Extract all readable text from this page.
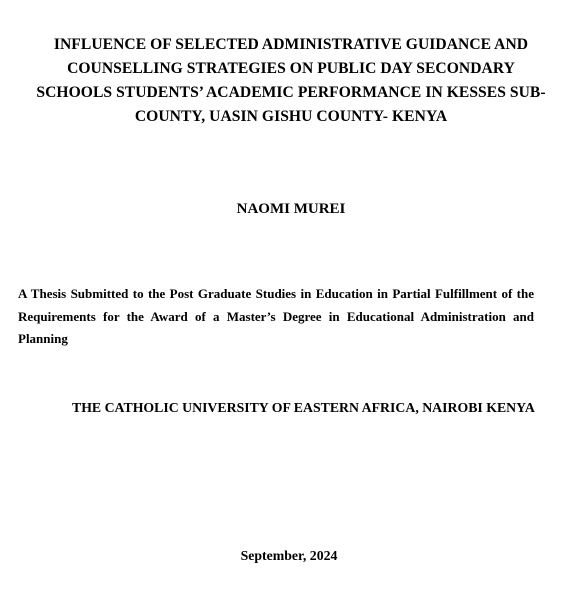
INFLUENCE OF SELECTED ADMINISTRATIVE GUIDANCE AND
COUNSELLING STRATEGIES ON PUBLIC DAY SECONDARY
SCHOOLS STUDENTS’ ACADEMIC PERFORMANCE IN KESSES SUB-
COUNTY, UASIN GISHU COUNTY- KENYA
NAOMI MUREI
A Thesis Submitted to the Post Graduate Studies in Education in Partial Fulfillment of the
Requirements for the Award of a Master’s Degree in Educational Administration and
Planning
THE CATHOLIC UNIVERSITY OF EASTERN AFRICA, NAIROBI KENYA
September, 2024
